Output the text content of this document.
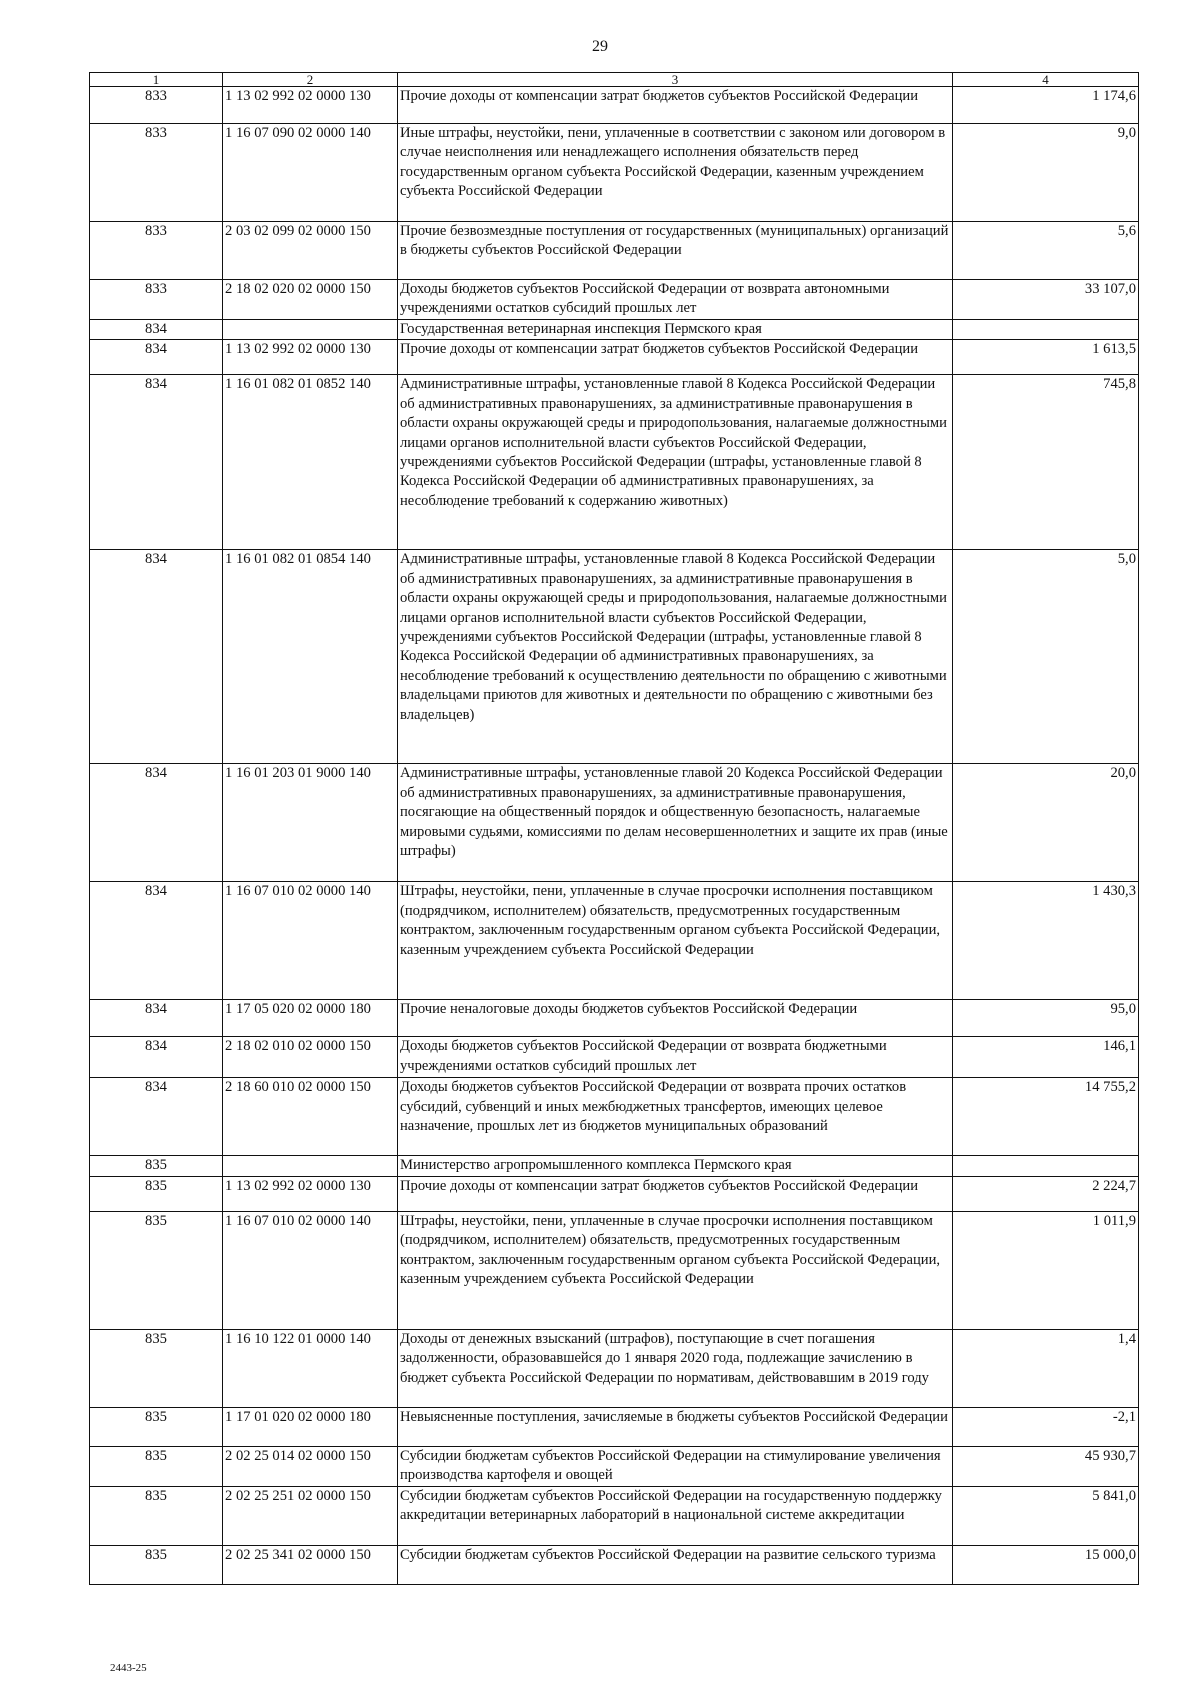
29
1	2	3	4
833	1 13 02 992 02 0000 130	Прочие доходы от компенсации затрат бюджетов субъектов Российской Федерации	1 174,6
833	1 16 07 090 02 0000 140	Иные штрафы, неустойки, пени, уплаченные в соответствии с законом или договором в случае неисполнения или ненадлежащего исполнения обязательств перед государственным органом субъекта Российской Федерации, казенным учреждением субъекта Российской Федерации	9,0
833	2 03 02 099 02 0000 150	Прочие безвозмездные поступления от государственных (муниципальных) организаций в бюджеты субъектов Российской Федерации	5,6
833	2 18 02 020 02 0000 150	Доходы бюджетов субъектов Российской Федерации от возврата автономными учреждениями остатков субсидий прошлых лет	33 107,0
834		Государственная ветеринарная инспекция Пермского края	
834	1 13 02 992 02 0000 130	Прочие доходы от компенсации затрат бюджетов субъектов Российской Федерации	1 613,5
834	1 16 01 082 01 0852 140	Административные штрафы, установленные главой 8 Кодекса Российской Федерации об административных правонарушениях, за административные правонарушения в области охраны окружающей среды и природопользования, налагаемые должностными лицами органов исполнительной власти субъектов Российской Федерации, учреждениями субъектов Российской Федерации (штрафы, установленные главой 8 Кодекса Российской Федерации об административных правонарушениях, за несоблюдение требований к содержанию животных)	745,8
834	1 16 01 082 01 0854 140	Административные штрафы, установленные главой 8 Кодекса Российской Федерации об административных правонарушениях, за административные правонарушения в области охраны окружающей среды и природопользования, налагаемые должностными лицами органов исполнительной власти субъектов Российской Федерации, учреждениями субъектов Российской Федерации (штрафы, установленные главой 8 Кодекса Российской Федерации об административных правонарушениях, за несоблюдение требований к осуществлению деятельности по обращению с животными владельцами приютов для животных и деятельности по обращению с животными без владельцев)	5,0
834	1 16 01 203 01 9000 140	Административные штрафы, установленные главой 20 Кодекса Российской Федерации об административных правонарушениях, за административные правонарушения, посягающие на общественный порядок и общественную безопасность, налагаемые мировыми судьями, комиссиями по делам несовершеннолетних и защите их прав (иные штрафы)	20,0
834	1 16 07 010 02 0000 140	Штрафы, неустойки, пени, уплаченные в случае просрочки исполнения поставщиком (подрядчиком, исполнителем) обязательств, предусмотренных государственным контрактом, заключенным государственным органом субъекта Российской Федерации, казенным учреждением субъекта Российской Федерации	1 430,3
834	1 17 05 020 02 0000 180	Прочие неналоговые доходы бюджетов субъектов Российской Федерации	95,0
834	2 18 02 010 02 0000 150	Доходы бюджетов субъектов Российской Федерации от возврата бюджетными учреждениями остатков субсидий прошлых лет	146,1
834	2 18 60 010 02 0000 150	Доходы бюджетов субъектов Российской Федерации от возврата прочих остатков субсидий, субвенций и иных межбюджетных трансфертов, имеющих целевое назначение, прошлых лет из бюджетов муниципальных образований	14 755,2
835		Министерство агропромышленного комплекса Пермского края	
835	1 13 02 992 02 0000 130	Прочие доходы от компенсации затрат бюджетов субъектов Российской Федерации	2 224,7
835	1 16 07 010 02 0000 140	Штрафы, неустойки, пени, уплаченные в случае просрочки исполнения поставщиком (подрядчиком, исполнителем) обязательств, предусмотренных государственным контрактом, заключенным государственным органом субъекта Российской Федерации, казенным учреждением субъекта Российской Федерации	1 011,9
835	1 16 10 122 01 0000 140	Доходы от денежных взысканий (штрафов), поступающие в счет погашения задолженности, образовавшейся до 1 января 2020 года, подлежащие зачислению в бюджет субъекта Российской Федерации по нормативам, действовавшим в 2019 году	1,4
835	1 17 01 020 02 0000 180	Невыясненные поступления, зачисляемые в бюджеты субъектов Российской Федерации	-2,1
835	2 02 25 014 02 0000 150	Субсидии бюджетам субъектов Российской Федерации на стимулирование увеличения производства картофеля и овощей	45 930,7
835	2 02 25 251 02 0000 150	Субсидии бюджетам субъектов Российской Федерации на государственную поддержку аккредитации ветеринарных лабораторий в национальной системе аккредитации	5 841,0
835	2 02 25 341 02 0000 150	Субсидии бюджетам субъектов Российской Федерации на развитие сельского туризма	15 000,0
2443-25
